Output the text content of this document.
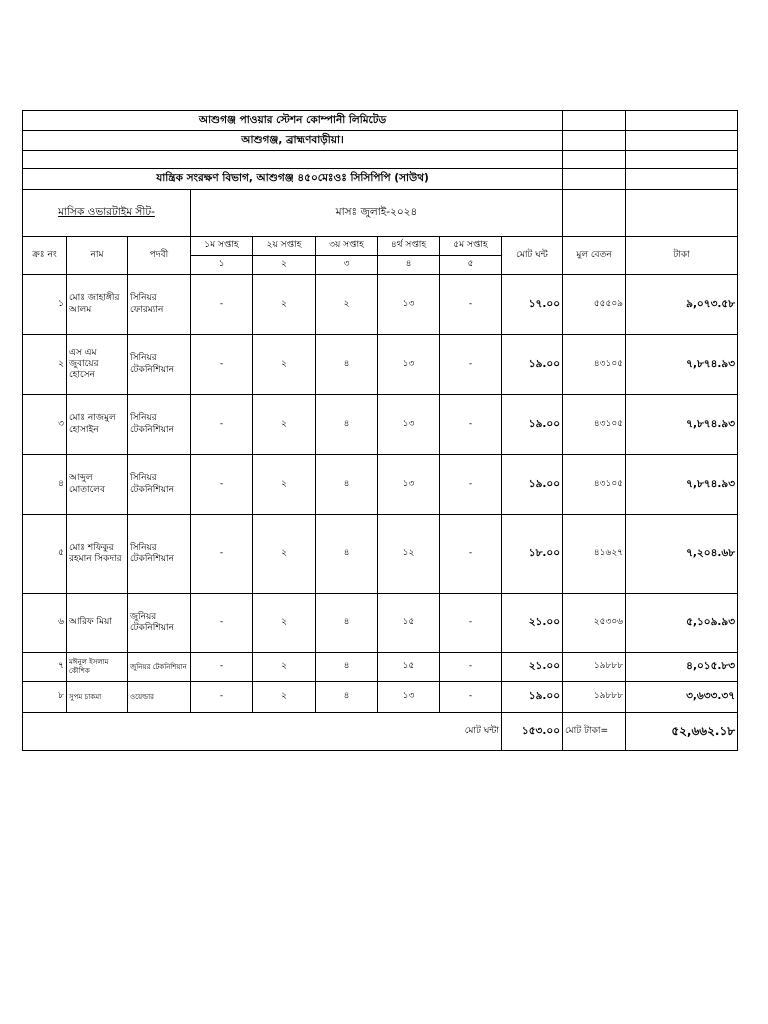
আশুগঞ্জ পাওয়ার স্টেশন কোম্পানী লিমিটেড										
আশুগঞ্জ, ব্রাহ্মণবাড়ীয়া।										

যান্ত্রিক সংরক্ষণ বিভাগ, আশুগঞ্জ ৪৫০মেঃওঃ সিসিপিপি (সাউথ)										
মাসিক ওভারটাইম সীট-			মাসঃ জুলাই-২০২৪							
ক্রঃ নং	নাম	পদবী	১ম সপ্তাহ	২য় সপ্তাহ	৩য় সপ্তাহ	৪র্থ সপ্তাহ	৫ম সপ্তাহ	মোট ঘন্ট	মুল বেতন	টাকা
			১	২	৩	৪	৫			
১	মোঃ জাহাঙ্গীর আলম	সিনিয়র ফোরম্যান	-	২	২	১৩	-	১৭.০০	৫৫৫০৯	৯,০৭৩.৫৮
২	এস এম জুবায়ের হোসেন	সিনিয়র টেকনিশিয়ান	-	২	৪	১৩	-	১৯.০০	৪৩১০৫	৭,৮৭৪.৯৩
৩	মোঃ নাজমুল হোসাইন	সিনিয়র টেকনিশিয়ান	-	২	৪	১৩	-	১৯.০০	৪৩১০৫	৭,৮৭৪.৯৩
৪	আব্দুল মোতালেব	সিনিয়র টেকনিশিয়ান	-	২	৪	১৩	-	১৯.০০	৪৩১০৫	৭,৮৭৪.৯৩
৫	মোঃ শফিকুর রহমান সিকদার	সিনিয়র টেকনিশিয়ান	-	২	৪	১২	-	১৮.০০	৪১৬২৭	৭,২০৪.৬৮
৬	আরিফ মিয়া	জুনিয়র টেকনিশিয়ান	-	২	৪	১৫	-	২১.০০	২৫৩০৬	৫,১০৯.৯৩
৭	মঈনুল ইসলাম কৌশিক	জুনিয়র টেকনিশিয়ান	-	২	৪	১৫	-	২১.০০	১৯৮৮৮	৪,০১৫.৮৩
৮	সুপম চাকমা	ওয়েল্ডার	-	২	৪	১৩	-	১৯.০০	১৯৮৮৮	৩,৬৩৩.৩৭
মোট ঘন্টা								১৫৩.০০	মোট টাকা=	৫২,৬৬২.১৮
